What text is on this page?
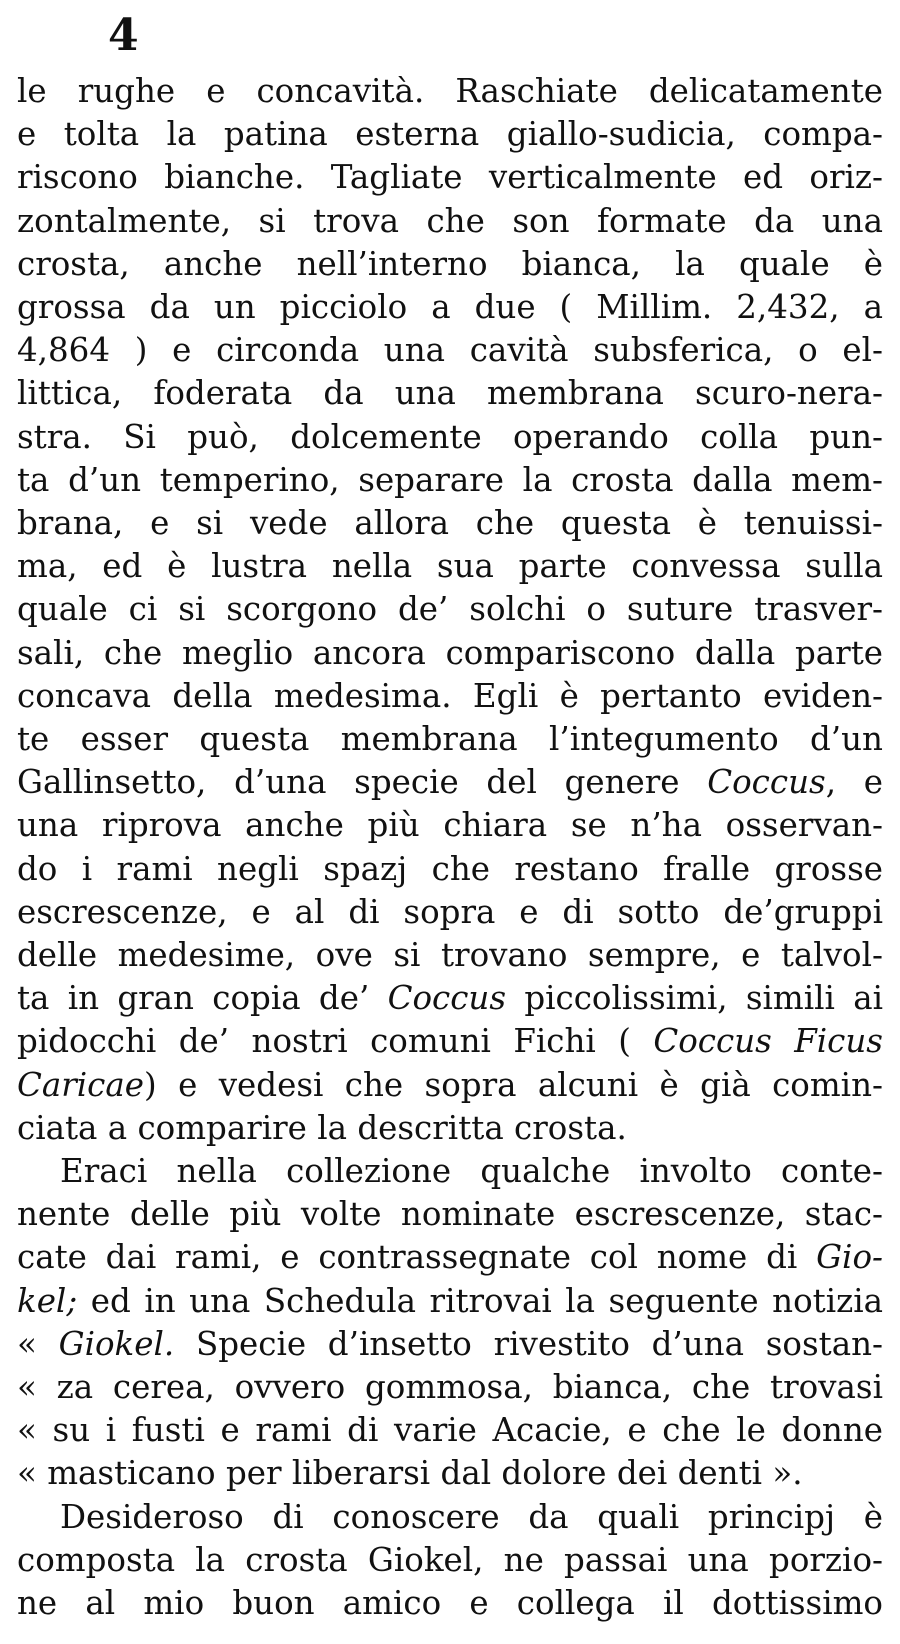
4
le rughe e concavità. Raschiate delicatamente
e tolta la patina esterna giallo-sudicia, compa-
riscono bianche. Tagliate verticalmente ed oriz-
zontalmente, si trova che son formate da una
crosta, anche nell’interno bianca, la quale è
grossa da un picciolo a due ( Millim. 2,432, a
4,864 ) e circonda una cavità subsferica, o el-
littica, foderata da una membrana scuro-nera-
stra. Si può, dolcemente operando colla pun-
ta d’un temperino, separare la crosta dalla mem-
brana, e si vede allora che questa è tenuissi-
ma, ed è lustra nella sua parte convessa sulla
quale ci si scorgono de’ solchi o suture trasver-
sali, che meglio ancora compariscono dalla parte
concava della medesima. Egli è pertanto eviden-
te esser questa membrana l’integumento d’un
Gallinsetto, d’una specie del genere Coccus, e
una riprova anche più chiara se n’ha osservan-
do i rami negli spazj che restano fralle grosse
escrescenze, e al di sopra e di sotto de’gruppi
delle medesime, ove si trovano sempre, e talvol-
ta in gran copia de’ Coccus piccolissimi, simili ai
pidocchi de’ nostri comuni Fichi ( Coccus Ficus
Caricae) e vedesi che sopra alcuni è già comin-
ciata a comparire la descritta crosta.
Eraci nella collezione qualche involto conte-
nente delle più volte nominate escrescenze, stac-
cate dai rami, e contrassegnate col nome di Gio-
kel; ed in una Schedula ritrovai la seguente notizia
« Giokel. Specie d’insetto rivestito d’una sostan-
« za cerea, ovvero gommosa, bianca, che trovasi
« su i fusti e rami di varie Acacie, e che le donne
« masticano per liberarsi dal dolore dei denti ».
Desideroso di conoscere da quali principj è
composta la crosta Giokel, ne passai una porzio-
ne al mio buon amico e collega il dottissimo
